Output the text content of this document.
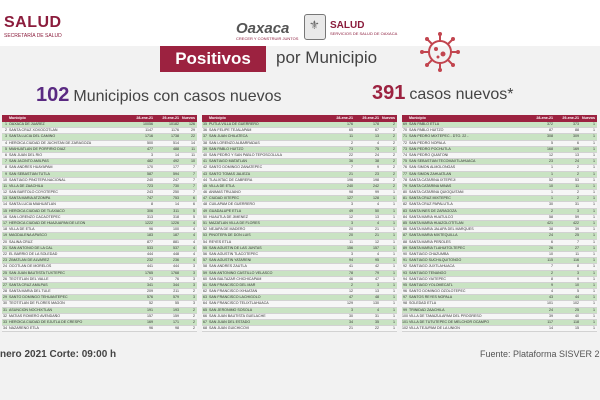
SALUD
SECRETARÍA DE SALUD	Oaxaca
CRECER Y CONSTRUIR JUNTOS
⚜ SALUD
SERVICIOS DE SALUD DE OAXACA
Positivos	por Municipio
102 Municipios con casos nuevos	391 casos nuevos*
Municipio	28-ene-21	29-ene-21 Nuevos
1 OAXACA DE JUAREZ	10056	10182	126
2 SANTA CRUZ XOXOCOTLAN	1147	1176	29
3 SANTA LUCIA DEL CAMINO	1716	1738	22
4 HEROICA CIUDAD DE JUCHITAN DE ZARAGOZA	500	514	14
5 MIAHUATLAN DE PORFIRIO DIAZ	477	488	11
6 SAN JUAN DEL RIO	3	14	11
7 SAN JACINTO AMILPAS	482	492	10
8 SAN ANDRES HUAYAPAM	170	177	7
9 SAN SEBASTIAN TUTLA	587	594	7
10 SANTIAGO PINOTEPA NACIONAL	240	247	7
11 VILLA DE ZAACHILA	723	730	7
12 SAN BARTOLO COYOTEPEC	243	250	7
13 SANTA MARIA ATZOMPA	747	753	6
14 SANTA LUCIA MIAHUATLAN	8	14	6
15 HEROICA CIUDAD DE TLAXIACO	306	311	5
16 SAN LORENZO CACAOTEPEC	313	318	5
17 HEROICA CIUDAD DE HUAJUAPAN DE LEON	1222	1226	4
18 VILLA DE ETLA	96	100	4
19 MAGDALENA APASCO	183	187	4
20 SALINA CRUZ	877	881	4
21 SAN ANTONIO DE LA CAL	533	537	4
22 EL BARRIO DE LA SOLEDAD	444	448	4
23 ZIMATLAN DE ALVAREZ	232	236	4
24 OCOTLAN DE MORELOS	441	444	3
25 SAN JUAN BAUTISTA TUXTEPEC	1765	1768	3
26 TEOTITLAN DEL VALLE	73	76	3
27 SANTA CRUZ AMILPAS	341	344	3
28 SANTA MARIA DEL TULE	209	211	2
29 SANTO DOMINGO TEHUANTEPEC	576	579	3
30 TEOTITLAN DE FLORES MAGON	52	55	3
31 ASUNCION NOCHIXTLAN	191	193	2
32 MATIAS ROMERO AVENDAÑO	157	159	2
33 HEROICA CIUDAD DE EJUTLA DE CRESPO	169	171	2
34 NAZARENO ETLA	96	98	2
Municipio	28-ene-21	29-ene-21 Nuevos
35 PUTLA VILLA DE GUERRERO	176	178	2
36 SAN FELIPE TEJALAPAM	65	67	2
37 SAN JUAN CHILATECA	11	13	2
38 SAN LORENZO ALBARRADAS	2	4	2
39 SAN PABLO HUITZO	73	75	2
40 SAN PEDRO Y SAN PABLO TEPOSCOLULA	22	24	2
41 SANTIAGO MATATLAN	36	38	2
42 SANTO DOMINGO ZANATEPEC	7	9	2
43 SANTO TOMAS JALIEZA	21	23	2
44 TLALIXTAC DE CABRERA	196	198	2
45 VILLA DE ETLA	240	242	2
46 ANIMAS TRUJANO	98	99	1
47 CIUDAD IXTEPEC	127	128	1
48 CUILAPAM DE GUERRERO	3	4	1
49 GUADALUPE ETLA	49	50	1
50 HUAUTLA DE JIMENEZ	12	13	1
51 MAZATLAN VILLA DE FLORES	3	4	1
52 NEJAPA DE MADERO	20	21	1
53 PINOTEPA DE DON LUIS	20	21	1
54 REYES ETLA	11	12	1
55 SAN AGUSTIN DE LAS JUNTAS	156	157	1
56 SAN AGUSTIN TLACOTEPEC	3	4	1
57 SAN AGUSTIN YATARENI	94	95	1
58 SAN ANDRES ZAUTLA	41	42	1
59 SAN ANTONINO CASTILLO VELASCO	78	79	1
60 SAN BALTAZAR CHICHICAPAM	46	47	1
61 SAN FRANCISCO DEL MAR	2	3	1
62 SAN FRANCISCO IXHUATAN	12	13	1
63 SAN FRANCISCO LACHIGOLO	47	48	1
64 SAN FRANCISCO TELIXTLAHUACA	129	130	1
65 SAN JERONIMO SOSOLA	3	4	1
66 SAN JUAN BAUTISTA GUELACHE	30	31	1
67 SAN JUAN DEL ESTADO	34	35	1
68 SAN JUAN GUICHICOVI	21	22	1
Municipio	28-ene-21	29-ene-21 Nuevos
69 SAN PABLO ETLA	372	373	1
70 SAN PABLO HUITZO	87	88	1
71 SAN PEDRO MIXTEPEC - DTO. 22 -	308	309	1
72 SAN PEDRO NOPALA	5	6	1
73 SAN PEDRO POCHUTLA	168	169	1
74 SAN PEDRO QUIATONI	12	13	1
75 SAN SEBASTIAN TECOMAXTLAHUACA	23	24	1
76 SAN SIMON ALMOLONGAS	1	2	1
77 SAN SIMON ZAHUATLAN	1	2	1
78 SANTA CATARINA IXTEPEJI	52	53	1
79 SANTA CATARINA MINAS	10	11	1
80 SANTA CATARINA QUIOQUITANI	1	2	1
81 SANTA CRUZ MIXTEPEC	1	2	1
82 SANTA CRUZ PAPALUTLA	30	31	1
83 SANTA INES DE ZARAGOZA	2	3	1
84 SANTA MARIA HUATULCO	58	59	1
85 SANTA MARIA HUAZOLOTITLAN	421	422	1
86 SANTA MARIA JALAPA DEL MARQUES	38	39	1
87 SANTA MARIA MIXTEQUILLA	24	25	1
88 SANTA MARIA PEÑOLES	6	7	1
89 SANTA MARIA TLAHUITOLTEPEC	26	27	1
90 SANTIAGO CHAZUMBA	10	11	1
91 SANTIAGO SUCHILQUITONGO	115	116	1
92 SANTIAGO JUXTLAHUACA	7	8	1
93 SANTIAGO TENANGO	2	3	1
94 SANTIAGO YAITEPEC	8	9	1
95 SANTIAGO YOLOMECATL	9	10	1
96 SANTO DOMINGO OZOLOTEPEC	4	5	1
97 SANTOS REYES NOPALA	43	44	1
98 SOLEDAD ETLA	101	102	1
99 TRINIDAD ZAACHILA	24	25	1
100 VILLA DE TAMAZULAPAM DEL PROGRESO	39	40	1
101 VILLA DE TUTUTEPEC DE MELCHOR OCAMPO	117	118	1
102 VILLA TEJUPAM DE LA UNION	14	15	1
nero 2021 Corte: 09:00 h	Fuente: Plataforma SISVER 2
